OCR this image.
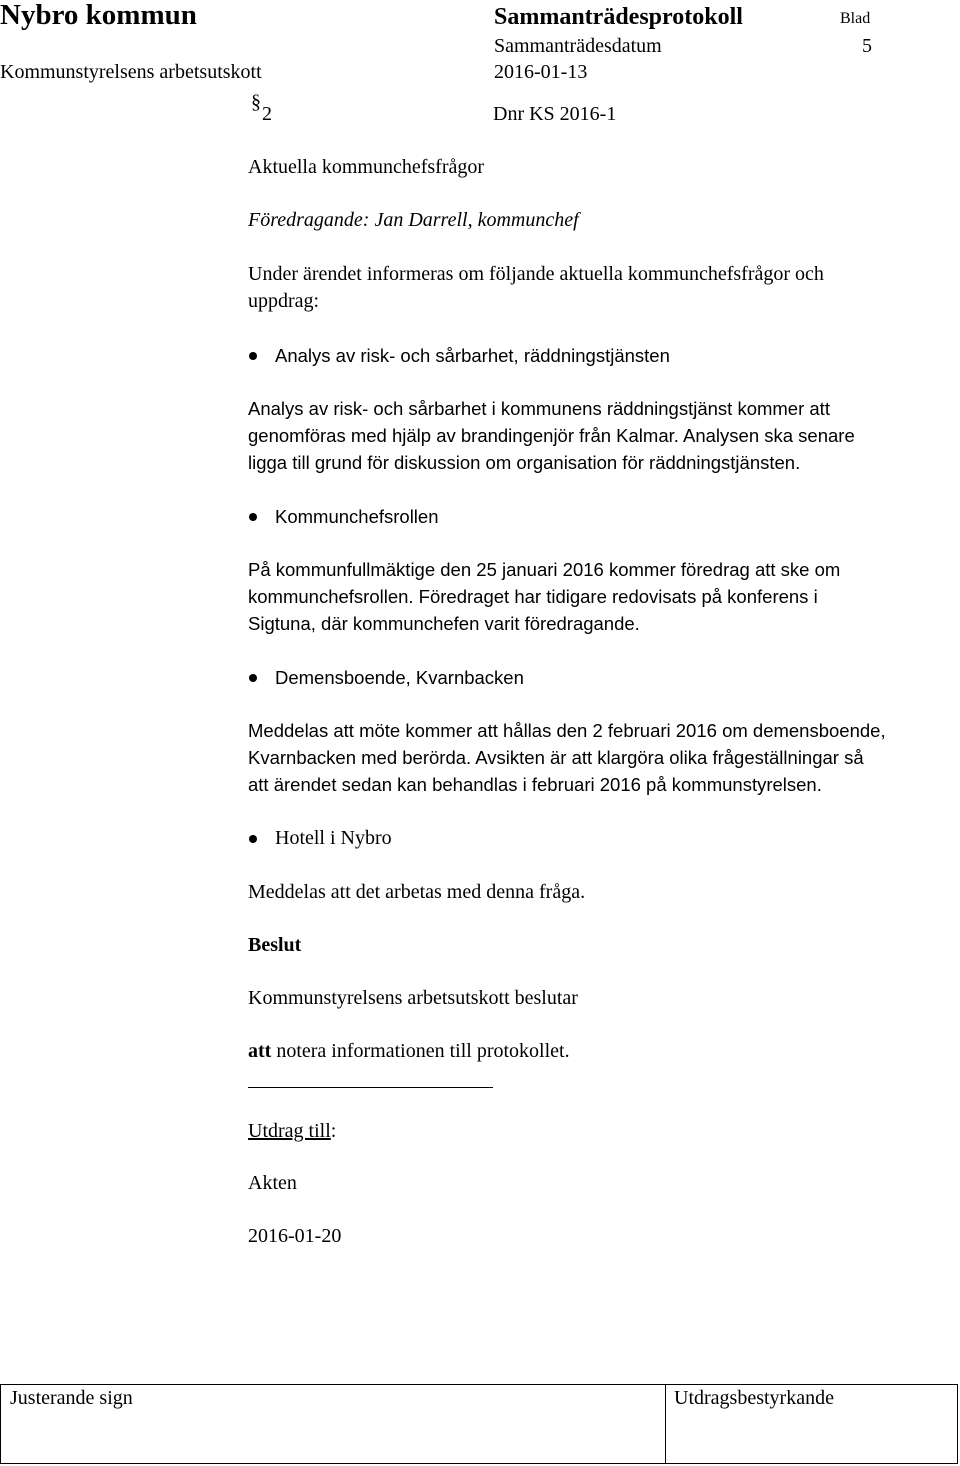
Nybro kommun	Sammanträdesprotokoll	Blad
Sammanträdesdatum	5
Kommunstyrelsens arbetsutskott	2016-01-13
§
2	Dnr KS 2016-1
Aktuella kommunchefsfrågor
Föredragande: Jan Darrell, kommunchef
Under ärendet informeras om följande aktuella kommunchefsfrågor och
uppdrag:
Analys av risk- och sårbarhet, räddningstjänsten
Analys av risk- och sårbarhet i kommunens räddningstjänst kommer att
genomföras med hjälp av brandingenjör från Kalmar. Analysen ska senare
ligga till grund för diskussion om organisation för räddningstjänsten.
Kommunchefsrollen
På kommunfullmäktige den 25 januari 2016 kommer föredrag att ske om
kommunchefsrollen. Föredraget har tidigare redovisats på konferens i
Sigtuna, där kommunchefen varit föredragande.
Demensboende, Kvarnbacken
Meddelas att möte kommer att hållas den 2 februari 2016 om demensboende,
Kvarnbacken med berörda. Avsikten är att klargöra olika frågeställningar så
att ärendet sedan kan behandlas i februari 2016 på kommunstyrelsen.
Hotell i Nybro
Meddelas att det arbetas med denna fråga.
Beslut
Kommunstyrelsens arbetsutskott beslutar
att notera informationen till protokollet.
Utdrag till:
Akten
2016-01-20
Justerande sign	Utdragsbestyrkande
